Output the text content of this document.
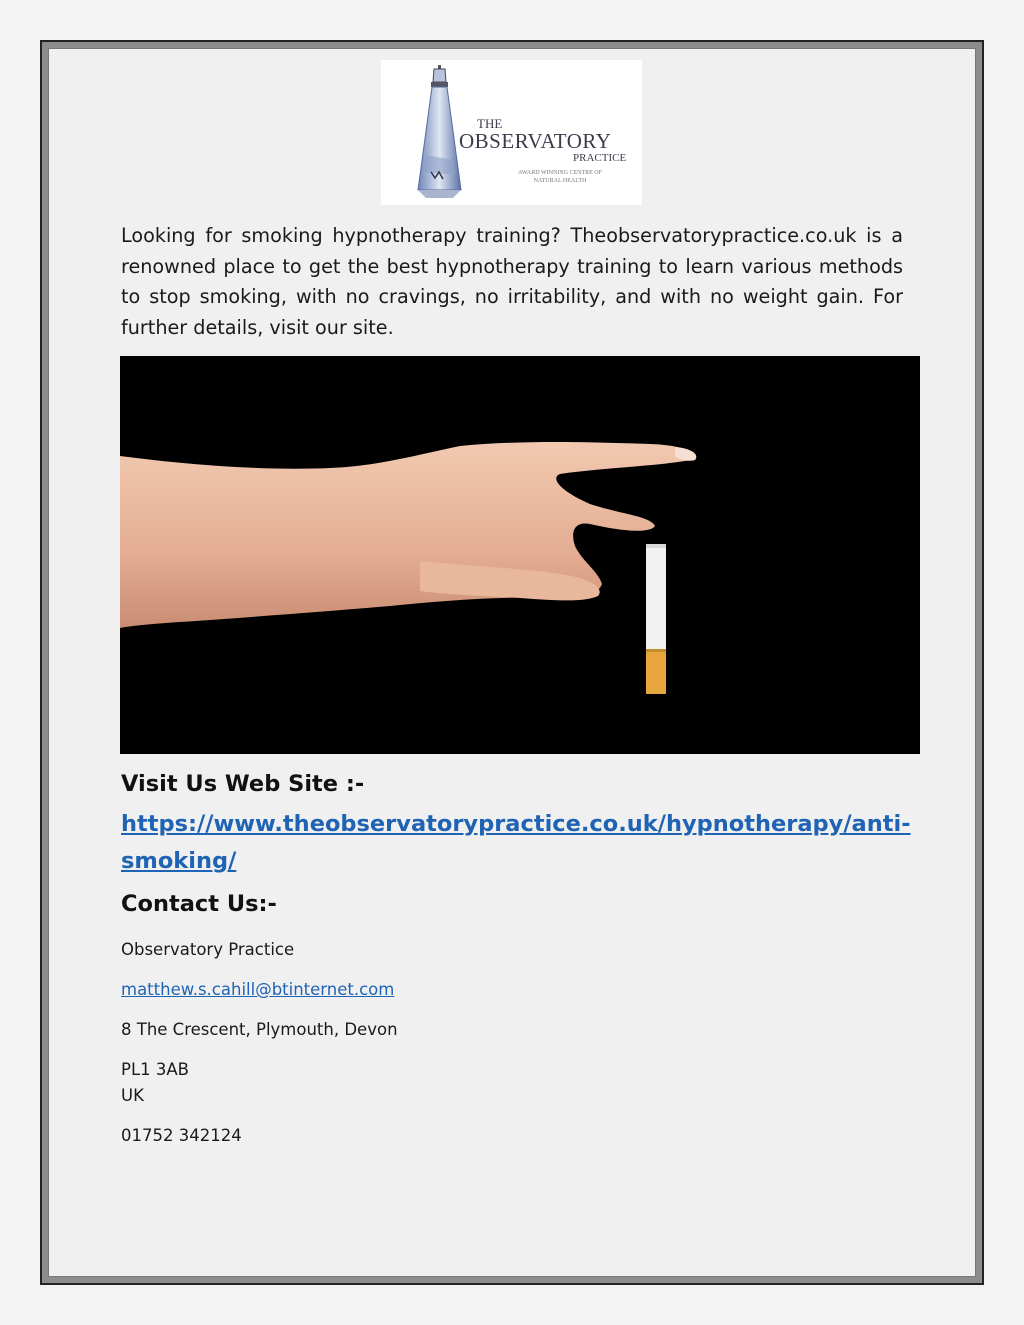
THE
OBSERVATORY
PRACTICE
AWARD WINNING CENTRE OF NATURAL HEALTH

Looking for smoking hypnotherapy training? Theobservatorypractice.co.uk is a renowned place to get the best hypnotherapy training to learn various methods to stop smoking, with no cravings, no irritability, and with no weight gain. For further details, visit our site.

Visit Us Web Site :-
https://www.theobservatorypractice.co.uk/hypnotherapy/anti-smoking/
Contact Us:-

Observatory Practice

matthew.s.cahill@btinternet.com

8 The Crescent, Plymouth, Devon

PL1 3AB

UK

01752 342124
